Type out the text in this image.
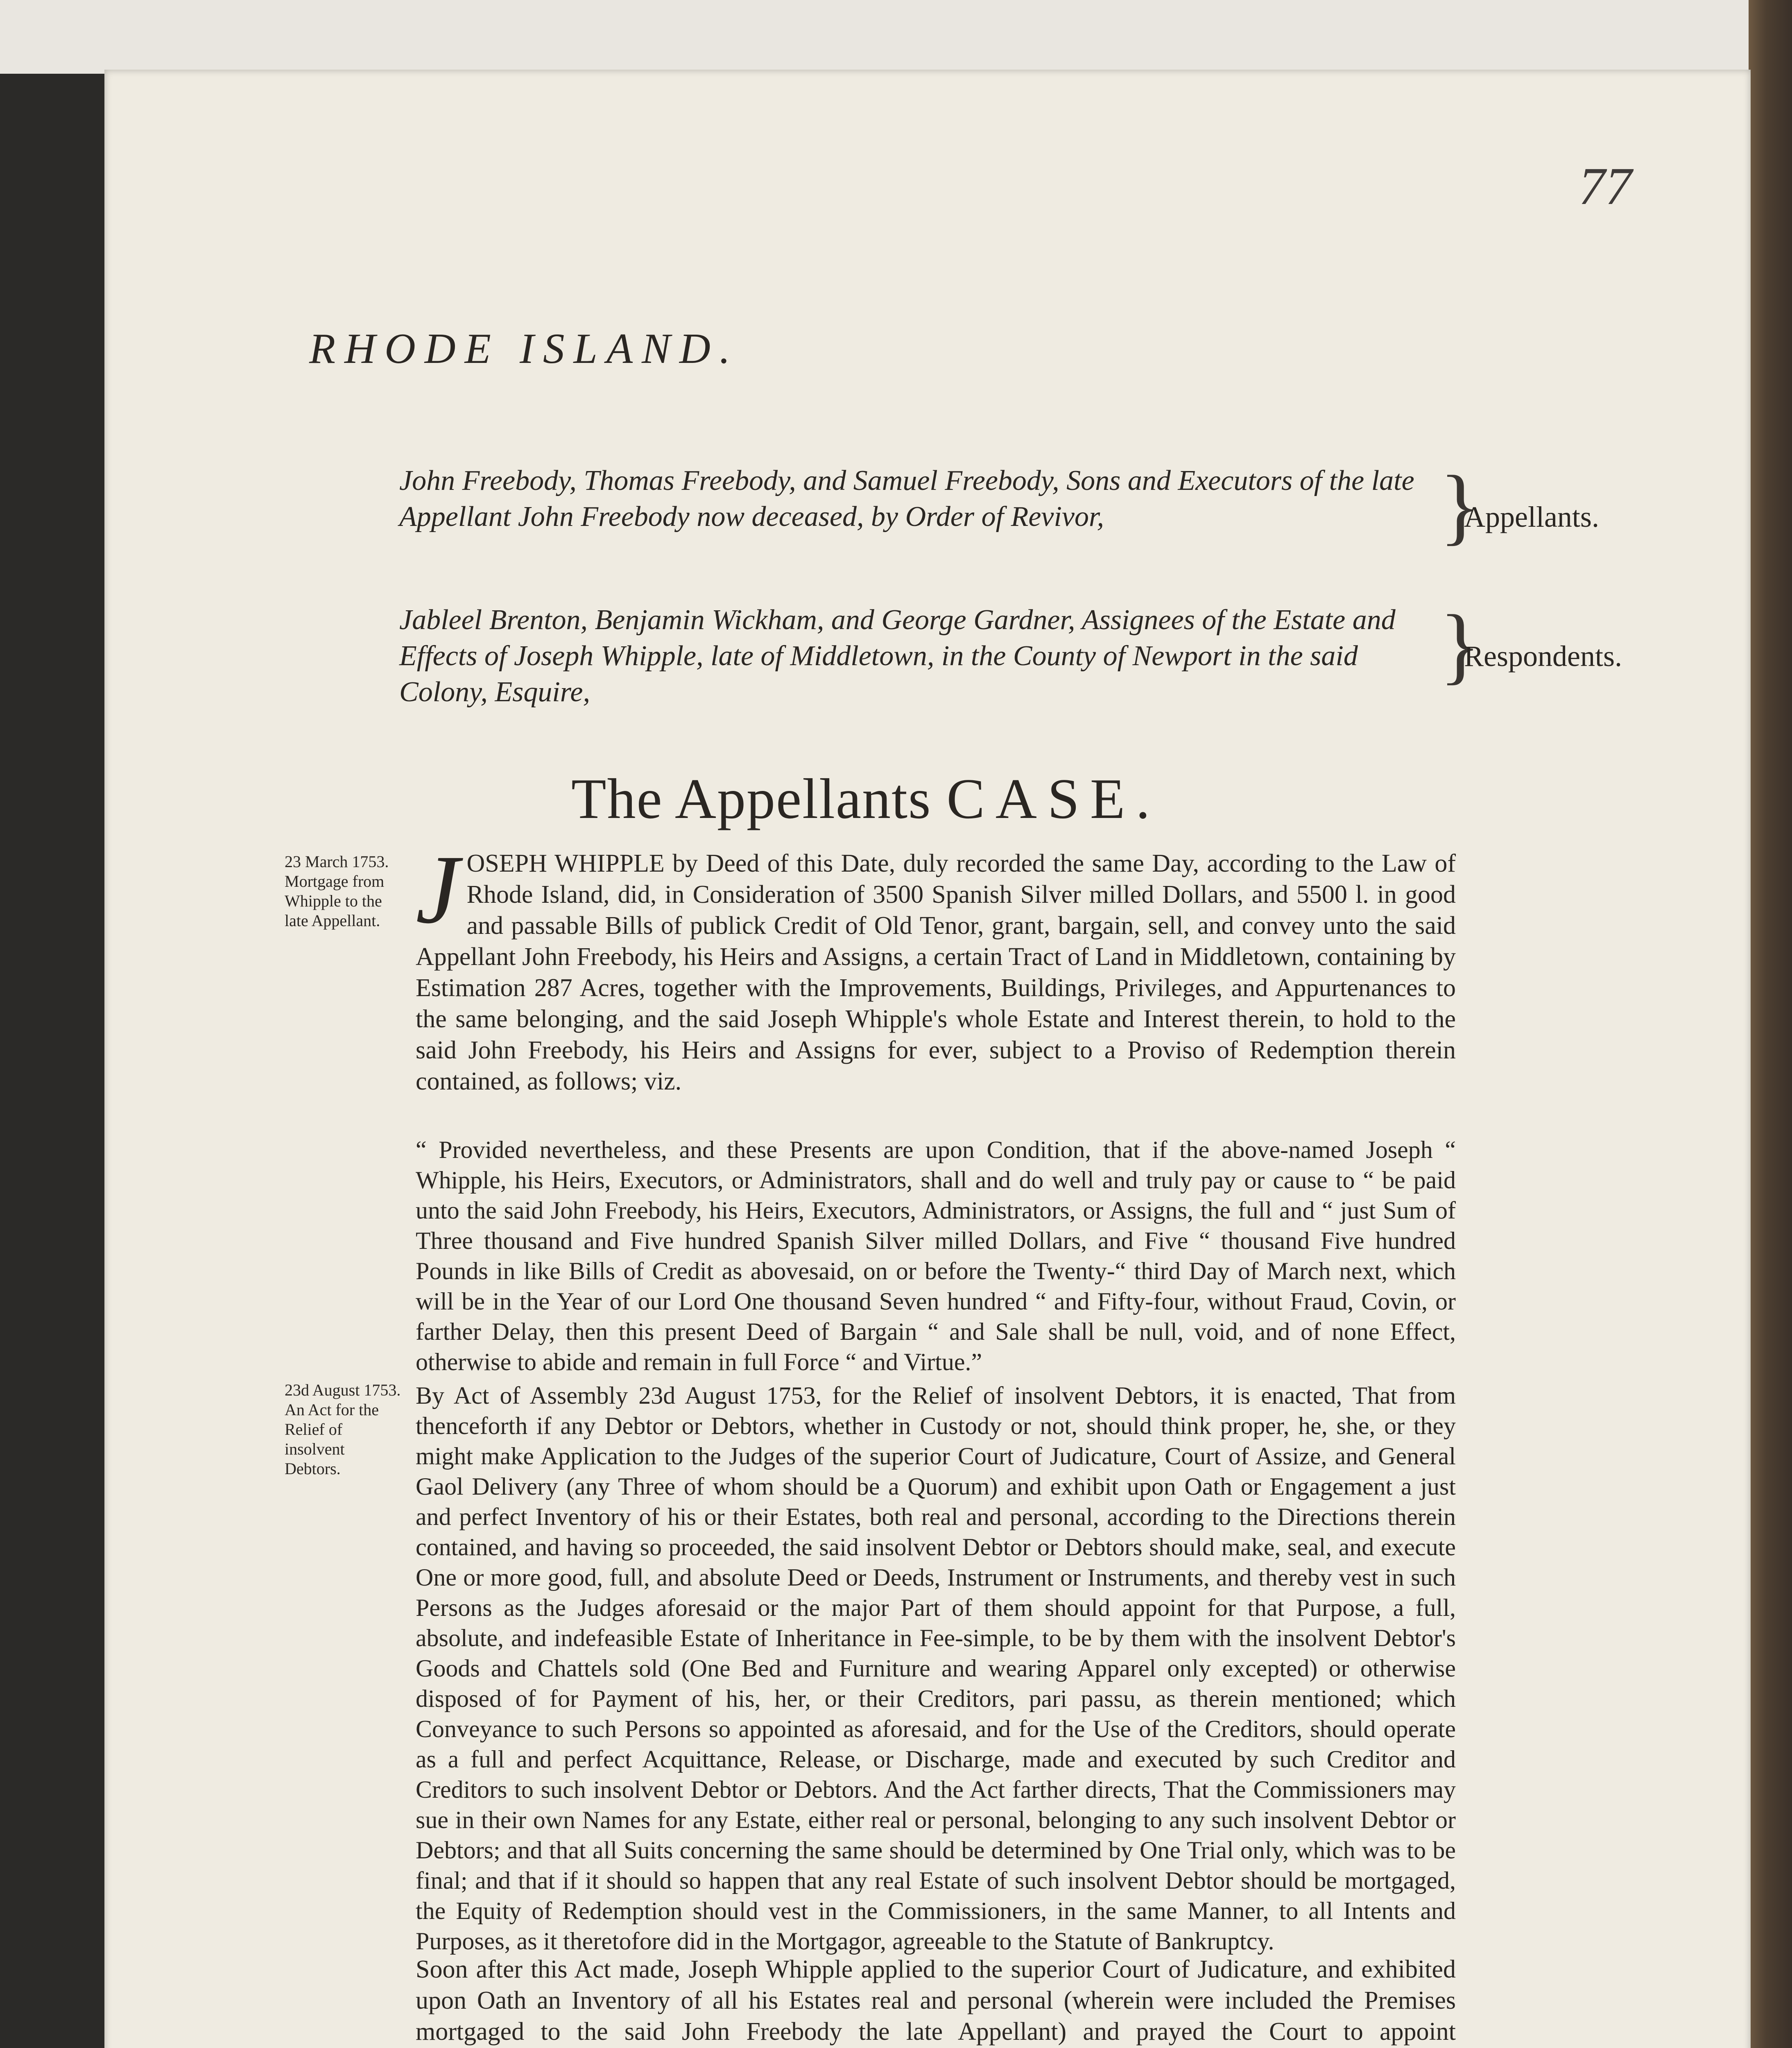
77
RHODE ISLAND.
John Freebody, Thomas Freebody, and Samuel Freebody, Sons and Executors of the late Appellant John Freebody now deceased, by Order of Revivor,	}
Appellants.
Jableel Brenton, Benjamin Wickham, and George Gardner, Assignees of the Estate and Effects of Joseph Whipple, late of Middletown, in the County of Newport in the said Colony, Esquire,	}
Respondents.
The Appellants CASE.
23 March 1753. Mortgage from Whipple to the late Appellant. JOSEPH WHIPPLE by Deed of this Date, duly recorded the same Day, according to the Law of Rhode Island, did, in Consideration of 3500 Spanish Silver milled Dollars, and 5500 l. in good and passable Bills of publick Credit of Old Tenor, grant, bargain, sell, and convey unto the said Appellant John Freebody, his Heirs and Assigns, a certain Tract of Land in Middletown, containing by Estimation 287 Acres, together with the Improvements, Buildings, Privileges, and Appurtenances to the same belonging, and the said Joseph Whipple's whole Estate and Interest therein, to hold to the said John Freebody, his Heirs and Assigns for ever, subject to a Proviso of Redemption therein contained, as follows; viz.
“ Provided nevertheless, and these Presents are upon Condition, that if the above-named Joseph “ Whipple, his Heirs, Executors, or Administrators, shall and do well and truly pay or cause to “ be paid unto the said John Freebody, his Heirs, Executors, Administrators, or Assigns, the full and “ just Sum of Three thousand and Five hundred Spanish Silver milled Dollars, and Five “ thousand Five hundred Pounds in like Bills of Credit as abovesaid, on or before the Twenty-“ third Day of March next, which will be in the Year of our Lord One thousand Seven hundred “ and Fifty-four, without Fraud, Covin, or farther Delay, then this present Deed of Bargain “ and Sale shall be null, void, and of none Effect, otherwise to abide and remain in full Force “ and Virtue.”
23d August 1753. An Act for the Relief of insolvent Debtors.
By Act of Assembly 23d August 1753, for the Relief of insolvent Debtors, it is enacted, That from thenceforth if any Debtor or Debtors, whether in Custody or not, should think proper, he, she, or they might make Application to the Judges of the superior Court of Judicature, Court of Assize, and General Gaol Delivery (any Three of whom should be a Quorum) and exhibit upon Oath or Engagement a just and perfect Inventory of his or their Estates, both real and personal, according to the Directions therein contained, and having so proceeded, the said insolvent Debtor or Debtors should make, seal, and execute One or more good, full, and absolute Deed or Deeds, Instrument or Instruments, and thereby vest in such Persons as the Judges aforesaid or the major Part of them should appoint for that Purpose, a full, absolute, and indefeasible Estate of Inheritance in Fee-simple, to be by them with the insolvent Debtor's Goods and Chattels sold (One Bed and Furniture and wearing Apparel only excepted) or otherwise disposed of for Payment of his, her, or their Creditors, pari passu, as therein mentioned; which Conveyance to such Persons so appointed as aforesaid, and for the Use of the Creditors, should operate as a full and perfect Acquittance, Release, or Discharge, made and executed by such Creditor and Creditors to such insolvent Debtor or Debtors. And the Act farther directs, That the Commissioners may sue in their own Names for any Estate, either real or personal, belonging to any such insolvent Debtor or Debtors; and that all Suits concerning the same should be determined by One Trial only, which was to be final; and that if it should so happen that any real Estate of such insolvent Debtor should be mortgaged, the Equity of Redemption should vest in the Commissioners, in the same Manner, to all Intents and Purposes, as it theretofore did in the Mortgagor, agreeable to the Statute of Bankruptcy.
Soon after this Act made, Joseph Whipple applied to the superior Court of Judicature, and exhibited upon Oath an Inventory of all his Estates real and personal (wherein were included the Premises mortgaged to the said John Freebody the late Appellant) and prayed the Court to appoint
